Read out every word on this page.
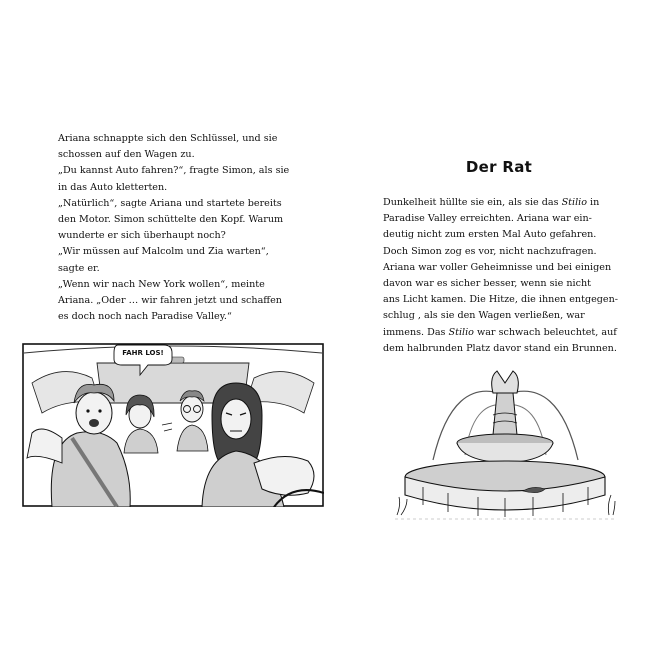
Ariana schnappte sich den Schlüssel, und sie
schossen auf den Wagen zu.
„Du kannst Auto fahren?“, fragte Simon, als sie
in das Auto kletterten.
„Natürlich“, sagte Ariana und startete bereits
den Motor. Simon schüttelte den Kopf. Warum
wunderte er sich überhaupt noch?
„Wir müssen auf Malcolm und Zia warten“,
sagte er.
„Wenn wir nach New York wollen“, meinte
Ariana. „Oder … wir fahren jetzt und schaffen
es doch noch nach Paradise Valley.“
FAHR LOS!
Der Rat
Dunkelheit hüllte sie ein, als sie das Stilio in
Paradise Valley erreichten. Ariana war ein-
deutig nicht zum ersten Mal Auto gefahren.
Doch Simon zog es vor, nicht nachzufragen.
Ariana war voller Geheimnisse und bei einigen
davon war es sicher besser, wenn sie nicht
ans Licht kamen. Die Hitze, die ihnen entgegen-
schlug , als sie den Wagen verließen, war
immens. Das Stilio war schwach beleuchtet, auf
dem halbrunden Platz davor stand ein Brunnen.
